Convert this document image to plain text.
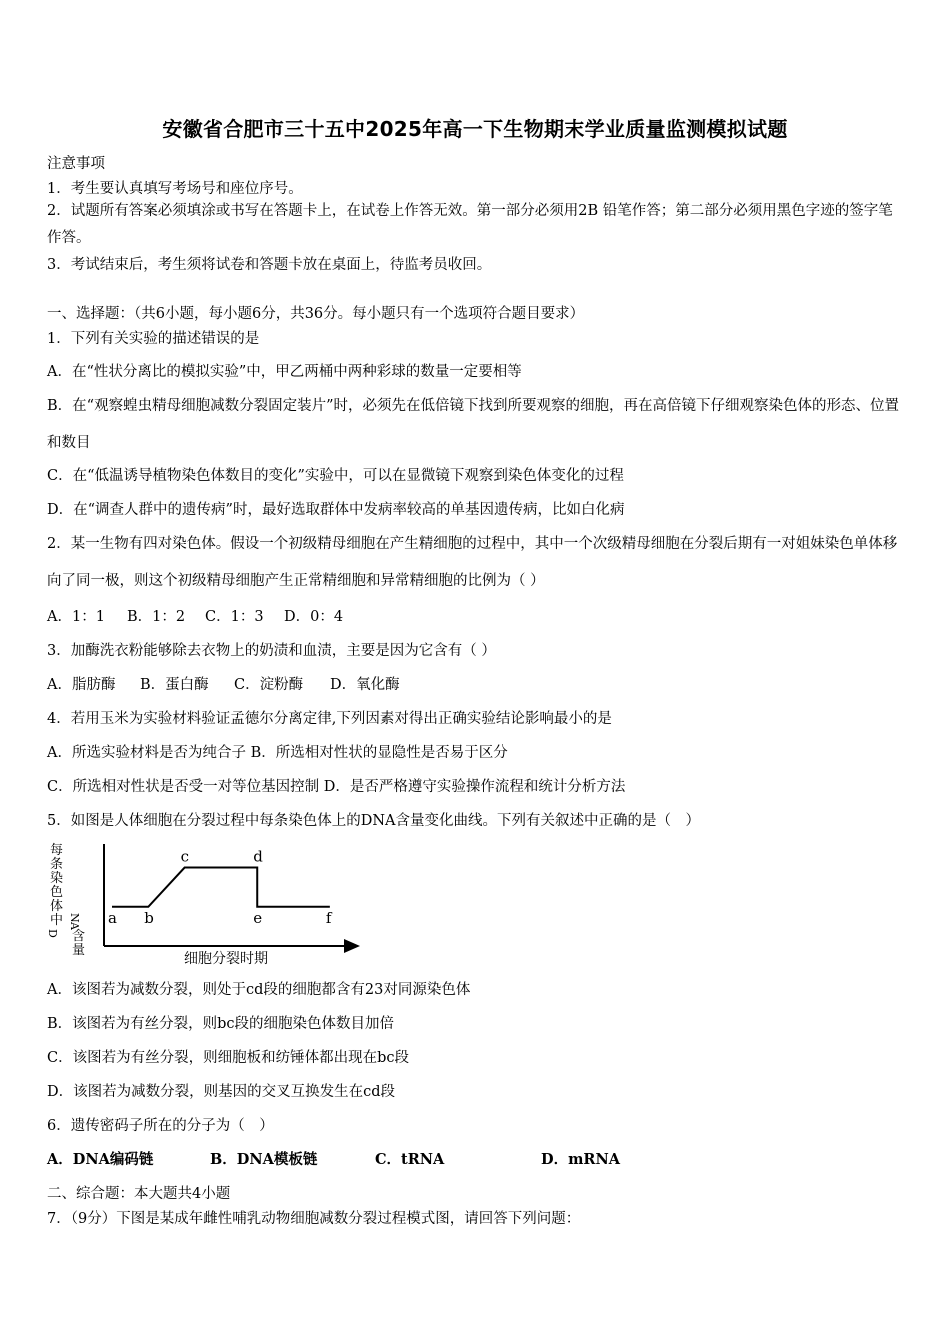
安徽省合肥市三十五中2025年高一下生物期末学业质量监测模拟试题
注意事项
1．考生要认真填写考场号和座位序号。
2．试题所有答案必须填涂或书写在答题卡上，在试卷上作答无效。第一部分必须用2B 铅笔作答；第二部分必须用黑色字迹的签字笔作答。
3．考试结束后，考生须将试卷和答题卡放在桌面上，待监考员收回。
一、选择题：（共6小题，每小题6分，共36分。每小题只有一个选项符合题目要求）
1．下列有关实验的描述错误的是
A．在“性状分离比的模拟实验”中，甲乙两桶中两种彩球的数量一定要相等
B．在“观察蝗虫精母细胞减数分裂固定装片”时，必须先在低倍镜下找到所要观察的细胞，再在高倍镜下仔细观察染色体的形态、位置和数目
C．在“低温诱导植物染色体数目的变化”实验中，可以在显微镜下观察到染色体变化的过程
D．在“调查人群中的遗传病”时，最好选取群体中发病率较高的单基因遗传病，比如白化病
2．某一生物有四对染色体。假设一个初级精母细胞在产生精细胞的过程中，其中一个次级精母细胞在分裂后期有一对姐妹染色单体移向了同一极，则这个初级精母细胞产生正常精细胞和异常精细胞的比例为（ ）
A．1：1 B．1：2 C．1：3 D．0：4
3．加酶洗衣粉能够除去衣物上的奶渍和血渍，主要是因为它含有（ ）
A．脂肪酶 B．蛋白酶 C．淀粉酶 D．氧化酶
4．若用玉米为实验材料验证孟德尔分离定律,下列因素对得出正确实验结论影响最小的是
A．所选实验材料是否为纯合子 B．所选相对性状的显隐性是否易于区分
C．所选相对性状是否受一对等位基因控制 D．是否严格遵守实验操作流程和统计分析方法
5．如图是人体细胞在分裂过程中每条染色体上的DNA含量变化曲线。下列有关叙述中正确的是（　）
每
条
染
色
体
中
D
N
A
含
量
a b
c	d
e	f
细胞分裂时期
A．该图若为减数分裂，则处于cd段的细胞都含有23对同源染色体
B．该图若为有丝分裂，则bc段的细胞染色体数目加倍
C．该图若为有丝分裂，则细胞板和纺锤体都出现在bc段
D．该图若为减数分裂，则基因的交叉互换发生在cd段
6．遗传密码子所在的分子为（　）
A．DNA编码链	B．DNA模板链	C．tRNA	D．mRNA
二、综合题：本大题共4小题
7．（9分）下图是某成年雌性哺乳动物细胞减数分裂过程模式图，请回答下列问题：
